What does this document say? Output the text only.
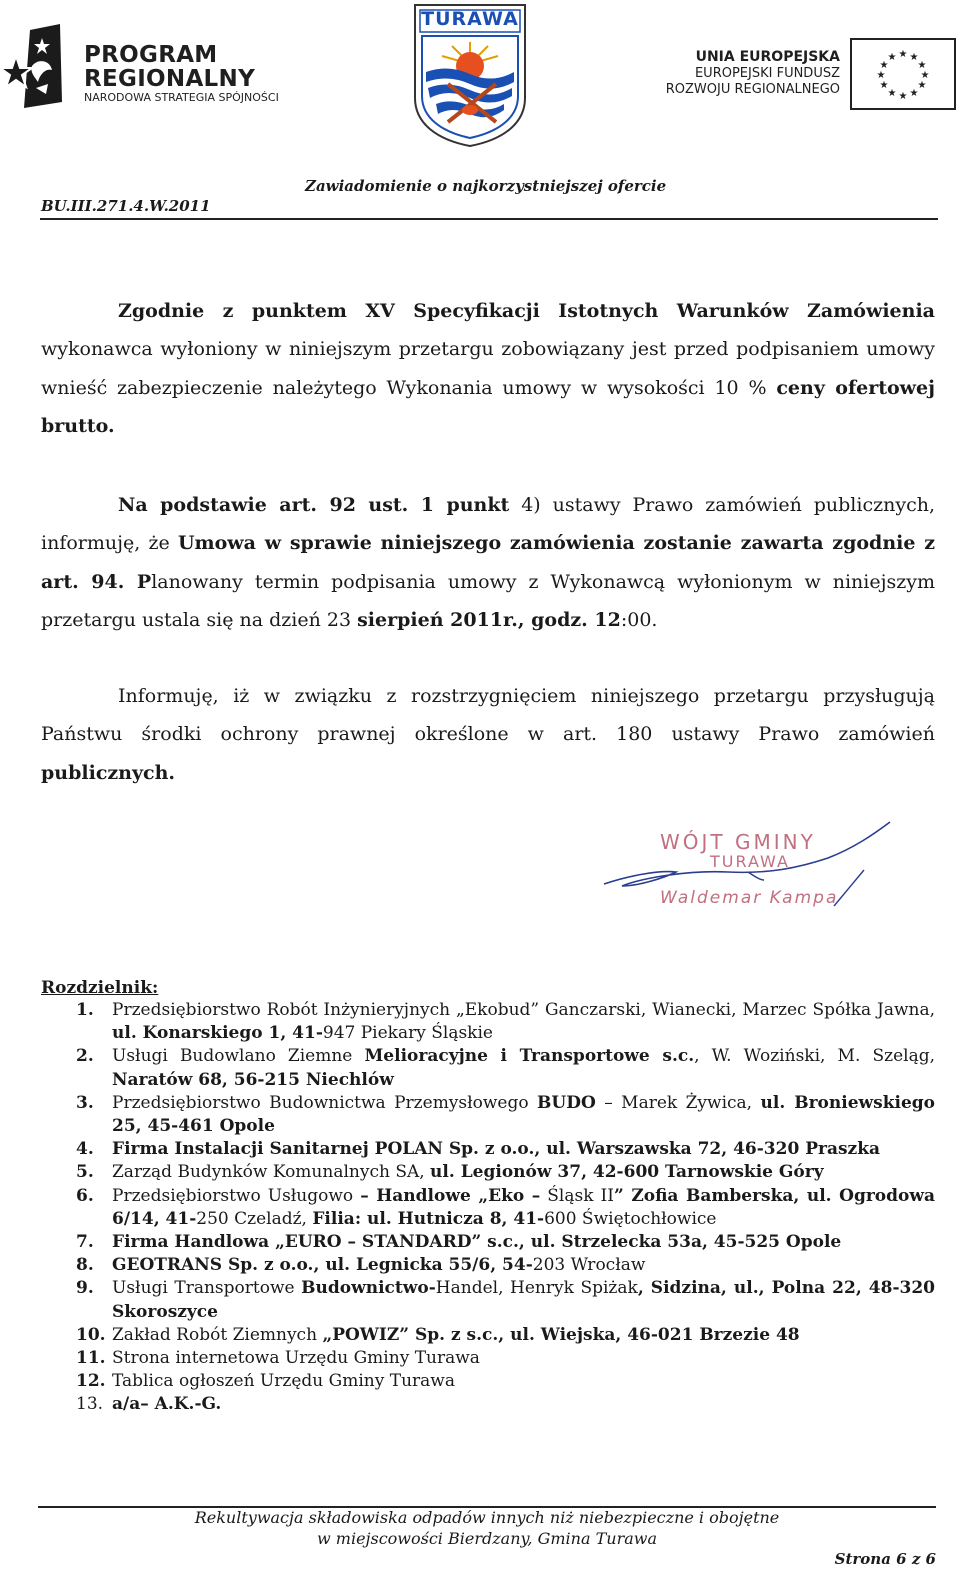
PROGRAM
REGIONALNY
NARODOWA STRATEGIA SPÓJNOŚCI
TURAWA
UNIA EUROPEJSKA
EUROPEJSKI FUNDUSZ
ROZWOJU REGIONALNEGO
★ ★
★
★
★
★
★
★
★
★
★
★
Zawiadomienie o najkorzystniejszej ofercie
BU.III.271.4.W.2011
Zgodnie z punktem XV Specyfikacji Istotnych Warunków Zamówienia wykonawca wyłoniony w niniejszym przetargu zobowiązany jest przed podpisaniem umowy wnieść zabezpieczenie należytego Wykonania umowy w wysokości 10 % ceny ofertowej brutto.
Na podstawie art. 92 ust. 1 punkt 4) ustawy Prawo zamówień publicznych, informuję, że Umowa w sprawie niniejszego zamówienia zostanie zawarta zgodnie z art. 94. Planowany termin podpisania umowy z Wykonawcą wyłonionym w niniejszym przetargu ustala się na dzień 23 sierpień 2011r., godz. 12:00.
Informuję, iż w związku z rozstrzygnięciem niniejszego przetargu przysługują Państwu środki ochrony prawnej określone w art. 180 ustawy Prawo zamówień publicznych.
WÓJT GMINY
TURAWA
Waldemar Kampa
Rozdzielnik:
1. Przedsiębiorstwo Robót Inżynieryjnych „Ekobud” Ganczarski, Wianecki, Marzec Spółka Jawna, ul. Konarskiego 1, 41-947 Piekary Śląskie
2. Usługi Budowlano Ziemne Melioracyjne i Transportowe s.c., W. Woziński, M. Szeląg, Naratów 68, 56-215 Niechlów
3. Przedsiębiorstwo Budownictwa Przemysłowego BUDO – Marek Żywica, ul. Broniewskiego 25, 45-461 Opole
4. Firma Instalacji Sanitarnej POLAN Sp. z o.o., ul. Warszawska 72, 46-320 Praszka
5. Zarząd Budynków Komunalnych SA, ul. Legionów 37, 42-600 Tarnowskie Góry
6. Przedsiębiorstwo Usługowo – Handlowe „Eko – Śląsk II” Zofia Bamberska, ul. Ogrodowa 6/14, 41-250 Czeladź, Filia: ul. Hutnicza 8, 41-600 Świętochłowice
7. Firma Handlowa „EURO – STANDARD” s.c., ul. Strzelecka 53a, 45-525 Opole
8. GEOTRANS Sp. z o.o., ul. Legnicka 55/6, 54-203 Wrocław
9. Usługi Transportowe Budownictwo-Handel, Henryk Spiżak, Sidzina, ul., Polna 22, 48-320 Skoroszyce
10. Zakład Robót Ziemnych „POWIZ” Sp. z s.c., ul. Wiejska, 46-021 Brzezie 48
11. Strona internetowa Urzędu Gminy Turawa
12. Tablica ogłoszeń Urzędu Gminy Turawa
13. a/a– A.K.-G.
Rekultywacja składowiska odpadów innych niż niebezpieczne i obojętne
w miejscowości Bierdzany, Gmina Turawa
Strona 6 z 6
